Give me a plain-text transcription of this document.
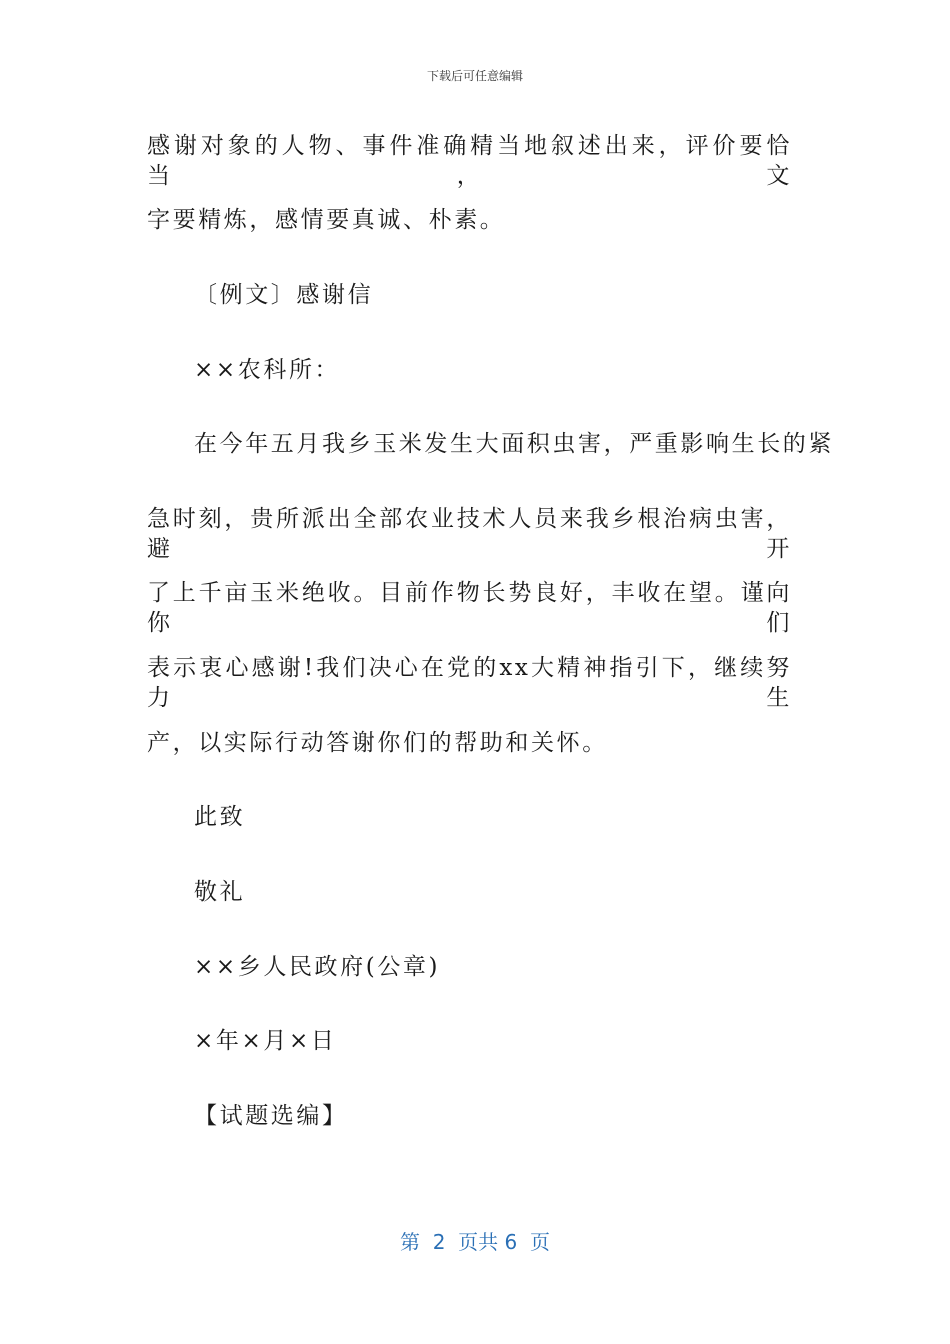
下载后可任意编辑
感谢对象的人物、事件准确精当地叙述出来，评价要恰当，文
字要精炼，感情要真诚、朴素。
〔例文〕感谢信
××农科所：
在今年五月我乡玉米发生大面积虫害，严重影响生长的紧
急时刻，贵所派出全部农业技术人员来我乡根治病虫害，避开
了上千亩玉米绝收。目前作物长势良好，丰收在望。谨向你们
表示衷心感谢!我们决心在党的xx大精神指引下，继续努力生
产，以实际行动答谢你们的帮助和关怀。
此致
敬礼
××乡人民政府(公章)
×年×月×日
【试题选编】
第  2  页共 6  页
